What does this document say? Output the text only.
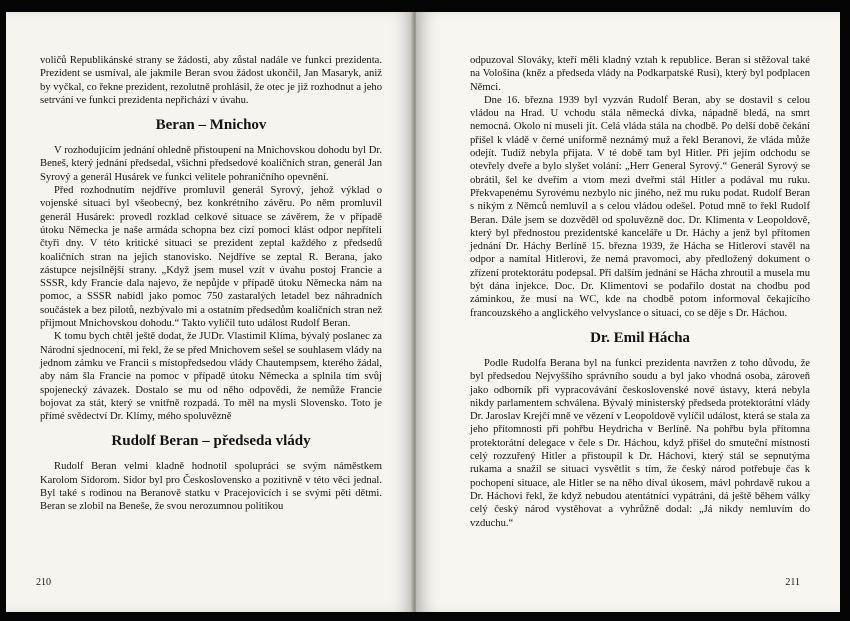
voličů Republikánské strany se žádosti, aby zůstal nadále ve funkci prezidenta. Prezident se usmíval, ale jakmile Beran svou žádost ukončil, Jan Masaryk, aniž by vyčkal, co řekne prezident, rezolutně prohlásil, že otec je již rozhodnut a jeho setrvání ve funkci prezidenta nepřichází v úvahu.

Beran – Mnichov

V rozhodujícím jednání ohledně přistoupení na Mnichovskou dohodu byl Dr. Beneš, který jednání předsedal, všichni předsedové koaličních stran, generál Jan Syrový a generál Husárek ve funkci velitele pohraničního opevnění.

Před rozhodnutím nejdříve promluvil generál Syrový, jehož výklad o vojenské situaci byl všeobecný, bez konkrétního závěru. Po něm promluvil generál Husárek: provedl rozklad celkové situace se závěrem, že v případě útoku Německa je naše armáda schopna bez cizí pomoci klást odpor nepříteli čtyři dny. V této kritické situaci se prezident zeptal každého z předsedů koaličních stran na jejich stanovisko. Nejdříve se zeptal R. Berana, jako zástupce nejsilnější strany. „Když jsem musel vzít v úvahu postoj Francie a SSSR, kdy Francie dala najevo, že nepůjde v případě útoku Německa nám na pomoc, a SSSR nabídl jako pomoc 750 zastaralých letadel bez náhradních součástek a bez pilotů, nezbývalo mi a ostatním předsedům koaličních stran než přijmout Mnichovskou dohodu.“ Takto vylíčil tuto událost Rudolf Beran.

K tomu bych chtěl ještě dodat, že JUDr. Vlastimil Klíma, bývalý poslanec za Národní sjednocení, mi řekl, že se před Mnichovem sešel se souhlasem vlády na jednom zámku ve Francii s místopředsedou vlády Chautempsem, kterého žádal, aby nám šla Francie na pomoc v případě útoku Německa a splnila tím svůj spojenecký závazek. Dostalo se mu od něho odpovědi, že nemůže Francie bojovat za stát, který se vnitřně rozpadá. To měl na mysli Slovensko. Toto je přímé svědectví Dr. Klímy, mého spoluvězně

Rudolf Beran – předseda vlády

Rudolf Beran velmi kladně hodnotil spolupráci se svým náměstkem Karolom Sidorom. Sidor byl pro Československo a pozitivně v této věci jednal. Byl také s rodinou na Beranově statku v Pracejovicích i se svými pěti dětmi. Beran se zlobil na Beneše, že svou nerozumnou politikou

210

odpuzoval Slováky, kteří měli kladný vztah k republice. Beran si stěžoval také na Vološina (kněz a předseda vlády na Podkarpatské Rusi), který byl podplacen Němci.

Dne 16. března 1939 byl vyzván Rudolf Beran, aby se dostavil s celou vládou na Hrad. U vchodu stála německá dívka, nápadně bledá, na smrt nemocná. Okolo ní museli jít. Celá vláda stála na chodbě. Po delší době čekání přišel k vládě v černé uniformě neznámý muž a řekl Beranovi, že vláda může odejít. Tudíž nebyla přijata. V té době tam byl Hitler. Při jejím odchodu se otevřely dveře a bylo slyšet volání: „Herr General Syrový.“ Generál Syrový se obrátil, šel ke dveřím a vtom mezi dveřmi stál Hitler a podával mu ruku. Překvapenému Syrovému nezbylo nic jiného, než mu ruku podat. Rudolf Beran s nikým z Němců nemluvil a s celou vládou odešel. Potud mně to řekl Rudolf Beran. Dále jsem se dozvěděl od spoluvězně doc. Dr. Klimenta v Leopoldově, který byl přednostou prezidentské kanceláře u Dr. Háchy a jenž byl přítomen jednání Dr. Háchy Berlíně 15. března 1939, že Hácha se Hitlerovi stavěl na odpor a namítal Hitlerovi, že nemá pravomoci, aby předložený dokument o zřízení protektorátu podepsal. Při dalším jednání se Hácha zhroutil a musela mu být dána injekce. Doc. Dr. Klimentovi se podařilo dostat na chodbu pod záminkou, že musí na WC, kde na chodbě potom informoval čekajícího francouzského a anglického velvyslance o situaci, co se děje s Dr. Háchou.

Dr. Emil Hácha

Podle Rudolfa Berana byl na funkci prezidenta navržen z toho důvodu, že byl předsedou Nejvyššího správního soudu a byl jako vhodná osoba, zároveň jako odborník při vypracovávání československé nové ústavy, která nebyla nikdy parlamentem schválena. Bývalý ministerský předseda protektorátní vlády Dr. Jaroslav Krejčí mně ve vězení v Leopoldově vylíčil událost, která se stala za jeho přítomnosti při pohřbu Heydricha v Berlíně. Na pohřbu byla přítomna protektorátní delegace v čele s Dr. Háchou, když přišel do smuteční místnosti celý rozzuřený Hitler a přistoupil k Dr. Háchovi, který stál se sepnutýma rukama a snažil se situaci vysvětlit s tím, že český národ potřebuje čas k pochopení situace, ale Hitler se na něho díval úkosem, mávl pohrdavě rukou a Dr. Háchovi řekl, že když nebudou atentátníci vypátráni, dá ještě během války celý český národ vystěhovat a vyhrůžně dodal: „Já nikdy nemluvím do vzduchu.“

211
